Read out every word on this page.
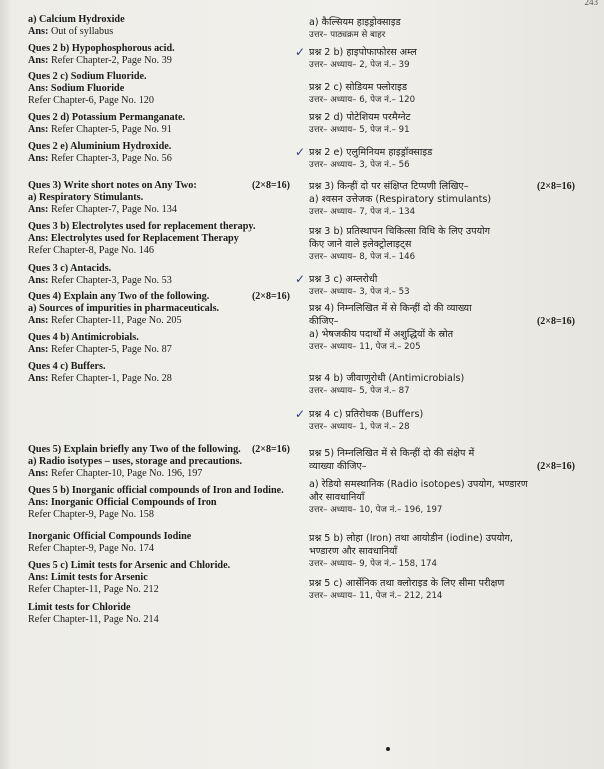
243
a) Calcium Hydroxide
Ans: Out of syllabus
Ques 2 b) Hypophosphorous acid.
Ans: Refer Chapter-2, Page No. 39
Ques 2 c) Sodium Fluoride.
Ans: Sodium Fluoride
Refer Chapter-6, Page No. 120
Ques 2 d) Potassium Permanganate.
Ans: Refer Chapter-5, Page No. 91
Ques 2 e) Aluminium Hydroxide.
Ans: Refer Chapter-3, Page No. 56
Ques 3) Write short notes on Any Two:	(2×8=16)
a) Respiratory Stimulants.
Ans: Refer Chapter-7, Page No. 134
Ques 3 b) Electrolytes used for replacement therapy.
Ans: Electrolytes used for Replacement Therapy
Refer Chapter-8, Page No. 146
Ques 3 c) Antacids.
Ans: Refer Chapter-3, Page No. 53
Ques 4) Explain any Two of the following.	(2×8=16)
a) Sources of impurities in pharmaceuticals.
Ans: Refer Chapter-11, Page No. 205
Ques 4 b) Antimicrobials.
Ans: Refer Chapter-5, Page No. 87
Ques 4 c) Buffers.
Ans: Refer Chapter-1, Page No. 28
Ques 5) Explain briefly any Two of the following. (2×8=16)
a) Radio isotypes – uses, storage and precautions.
Ans: Refer Chapter-10, Page No. 196, 197
Ques 5 b) Inorganic official compounds of Iron and Iodine.
Ans: Inorganic Official Compounds of Iron
Refer Chapter-9, Page No. 158
Inorganic Official Compounds Iodine
Refer Chapter-9, Page No. 174
Ques 5 c) Limit tests for Arsenic and Chloride.
Ans: Limit tests for Arsenic
Refer Chapter-11, Page No. 212
Limit tests for Chloride
Refer Chapter-11, Page No. 214
a) कैल्सियम हाइड्रोक्साइड
उत्तर– पाठ्यक्रम से बाहर
✓ प्रश्न 2 b) हाइपोफाफोरस अम्ल
उत्तर– अध्याय– 2, पेज नं.– 39
प्रश्न 2 c) सोडियम फ्लोराइड
उत्तर– अध्याय– 6, पेज नं.– 120
प्रश्न 2 d) पोटेशियम परमैग्नेट
उत्तर– अध्याय– 5, पेज नं.– 91
✓ प्रश्न 2 e) एलुमिनियम हाइड्रॉक्साइड
उत्तर– अध्याय– 3, पेज नं.– 56
प्रश्न 3) किन्हीं दो पर संक्षिप्त टिप्पणी लिखिए–	(2×8=16)
a) श्वसन उत्तेजक (Respiratory stimulants)
उत्तर– अध्याय– 7, पेज नं.– 134
प्रश्न 3 b) प्रतिस्थापन चिकित्सा विधि के लिए उपयोग
किए जाने वाले इलेक्ट्रोलाइट्स
उत्तर– अध्याय– 8, पेज नं.– 146
✓ प्रश्न 3 c) अम्लरोधी
उत्तर– अध्याय– 3, पेज नं.– 53
प्रश्न 4) निम्नलिखित में से किन्हीं दो की व्याख्या
कीजिए–	(2×8=16)
a) भेषजकीय पदार्थों में अशुद्धियों के स्रोत
उत्तर– अध्याय– 11, पेज नं.– 205
प्रश्न 4 b) जीवाणुरोधी (Antimicrobials)
उत्तर– अध्याय– 5, पेज नं.– 87
✓ प्रश्न 4 c) प्रतिरोधक (Buffers)
उत्तर– अध्याय– 1, पेज नं.– 28
प्रश्न 5) निम्नलिखित में से किन्हीं दो की संक्षेप में
व्याख्या कीजिए–	(2×8=16)
a) रेडियो समस्थानिक (Radio isotopes) उपयोग, भण्डारण
और सावधानियाँ
उत्तर– अध्याय– 10, पेज नं.– 196, 197
प्रश्न 5 b) लोहा (Iron) तथा आयोडीन (iodine) उपयोग,
भण्डारण और सावधानियाँ
उत्तर– अध्याय– 9, पेज नं.– 158, 174
प्रश्न 5 c) आर्सेनिक तथा क्लोराइड के लिए सीमा परीक्षण
उत्तर– अध्याय– 11, पेज नं.– 212, 214
